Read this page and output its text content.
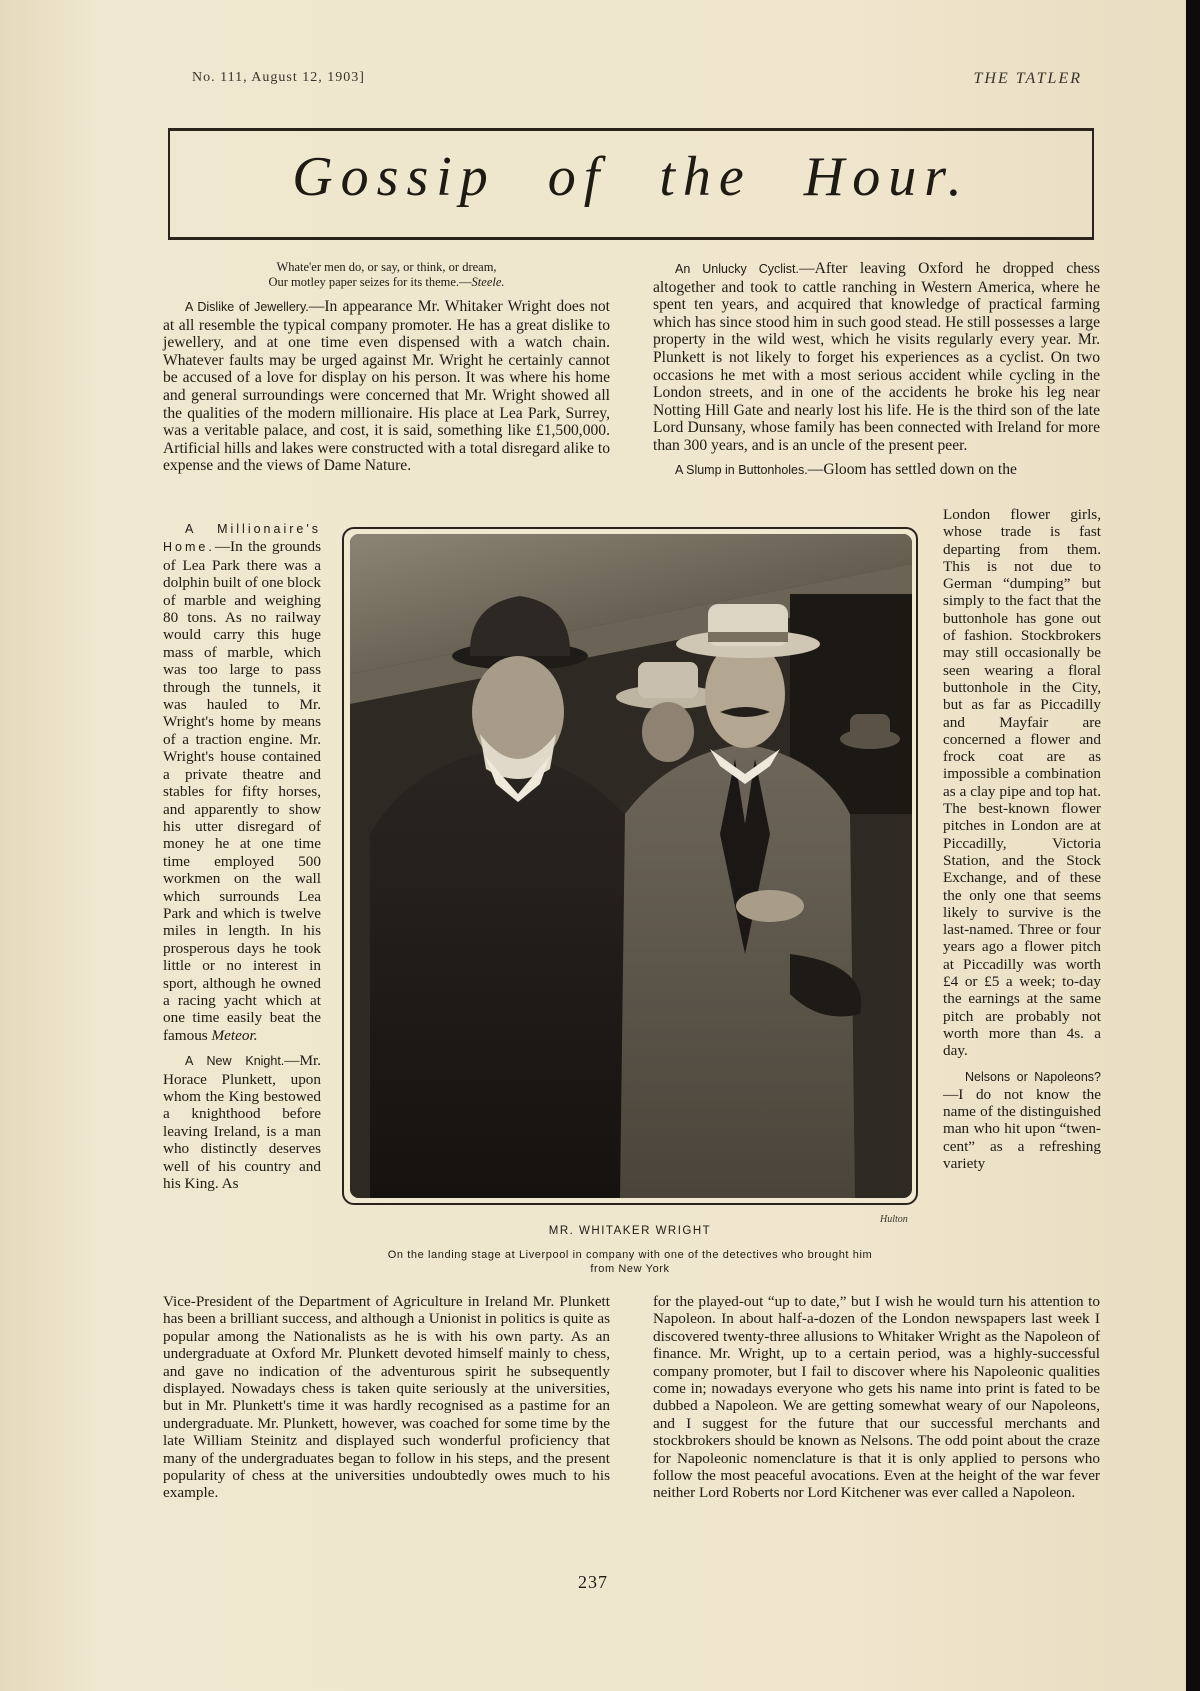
No. 111, August 12, 1903]	THE TATLER
Gossip of the Hour.

Whate'er men do, or say, or think, or dream,
Our motley paper seizes for its theme.—Steele.

A Dislike of Jewellery.—In appearance Mr. Whitaker Wright does not at all resemble the typical company promoter. He has a great dislike to jewellery, and at one time even dispensed with a watch chain. Whatever faults may be urged against Mr. Wright he certainly cannot be accused of a love for display on his person. It was where his home and general surroundings were concerned that Mr. Wright showed all the qualities of the modern millionaire. His place at Lea Park, Surrey, was a veritable palace, and cost, it is said, something like £1,500,000. Artificial hills and lakes were constructed with a total disregard alike to expense and the views of Dame Nature.

An Unlucky Cyclist.—After leaving Oxford he dropped chess altogether and took to cattle ranching in Western America, where he spent ten years, and acquired that knowledge of practical farming which has since stood him in such good stead. He still possesses a large property in the wild west, which he visits regularly every year. Mr. Plunkett is not likely to forget his experiences as a cyclist. On two occasions he met with a most serious accident while cycling in the London streets, and in one of the accidents he broke his leg near Notting Hill Gate and nearly lost his life. He is the third son of the late Lord Dunsany, whose family has been connected with Ireland for more than 300 years, and is an uncle of the present peer.

A Slump in Buttonholes.—Gloom has settled down on the

A Millionaire's Home.—In the grounds of Lea Park there was a dolphin built of one block of marble and weighing 80 tons. As no railway would carry this huge mass of marble, which was too large to pass through the tunnels, it was hauled to Mr. Wright's home by means of a traction engine. Mr. Wright's house contained a private theatre and stables for fifty horses, and apparently to show his utter disregard of money he at one time time employed 500 workmen on the wall which surrounds Lea Park and which is twelve miles in length. In his prosperous days he took little or no interest in sport, although he owned a racing yacht which at one time easily beat the famous Meteor.

A New Knight.—Mr. Horace Plunkett, upon whom the King bestowed a knighthood before leaving Ireland, is a man who distinctly deserves well of his country and his King. As

London flower girls, whose trade is fast departing from them. This is not due to German “dumping” but simply to the fact that the buttonhole has gone out of fashion. Stockbrokers may still occasionally be seen wearing a floral buttonhole in the City, but as far as Piccadilly and Mayfair are concerned a flower and frock coat are as impossible a combination as a clay pipe and top hat. The best-known flower pitches in London are at Piccadilly, Victoria Station, and the Stock Exchange, and of these the only one that seems likely to survive is the last-named. Three or four years ago a flower pitch at Piccadilly was worth £4 or £5 a week; to-day the earnings at the same pitch are probably not worth more than 4s. a day.

Nelsons or Napoleons?—I do not know the name of the distinguished man who hit upon “twen-cent” as a refreshing variety

Hulton
MR. WHITAKER WRIGHT
On the landing stage at Liverpool in company with one of the detectives who brought him
from New York

Vice-President of the Department of Agriculture in Ireland Mr. Plunkett has been a brilliant success, and although a Unionist in politics is quite as popular among the Nationalists as he is with his own party. As an undergraduate at Oxford Mr. Plunkett devoted himself mainly to chess, and gave no indication of the adventurous spirit he subsequently displayed. Nowadays chess is taken quite seriously at the universities, but in Mr. Plunkett's time it was hardly recognised as a pastime for an undergraduate. Mr. Plunkett, however, was coached for some time by the late William Steinitz and displayed such wonderful proficiency that many of the undergraduates began to follow in his steps, and the present popularity of chess at the universities undoubtedly owes much to his example.

for the played-out “up to date,” but I wish he would turn his attention to Napoleon. In about half-a-dozen of the London newspapers last week I discovered twenty-three allusions to Whitaker Wright as the Napoleon of finance. Mr. Wright, up to a certain period, was a highly-successful company promoter, but I fail to discover where his Napoleonic qualities come in; nowadays everyone who gets his name into print is fated to be dubbed a Napoleon. We are getting somewhat weary of our Napoleons, and I suggest for the future that our successful merchants and stockbrokers should be known as Nelsons. The odd point about the craze for Napoleonic nomenclature is that it is only applied to persons who follow the most peaceful avocations. Even at the height of the war fever neither Lord Roberts nor Lord Kitchener was ever called a Napoleon.

237
